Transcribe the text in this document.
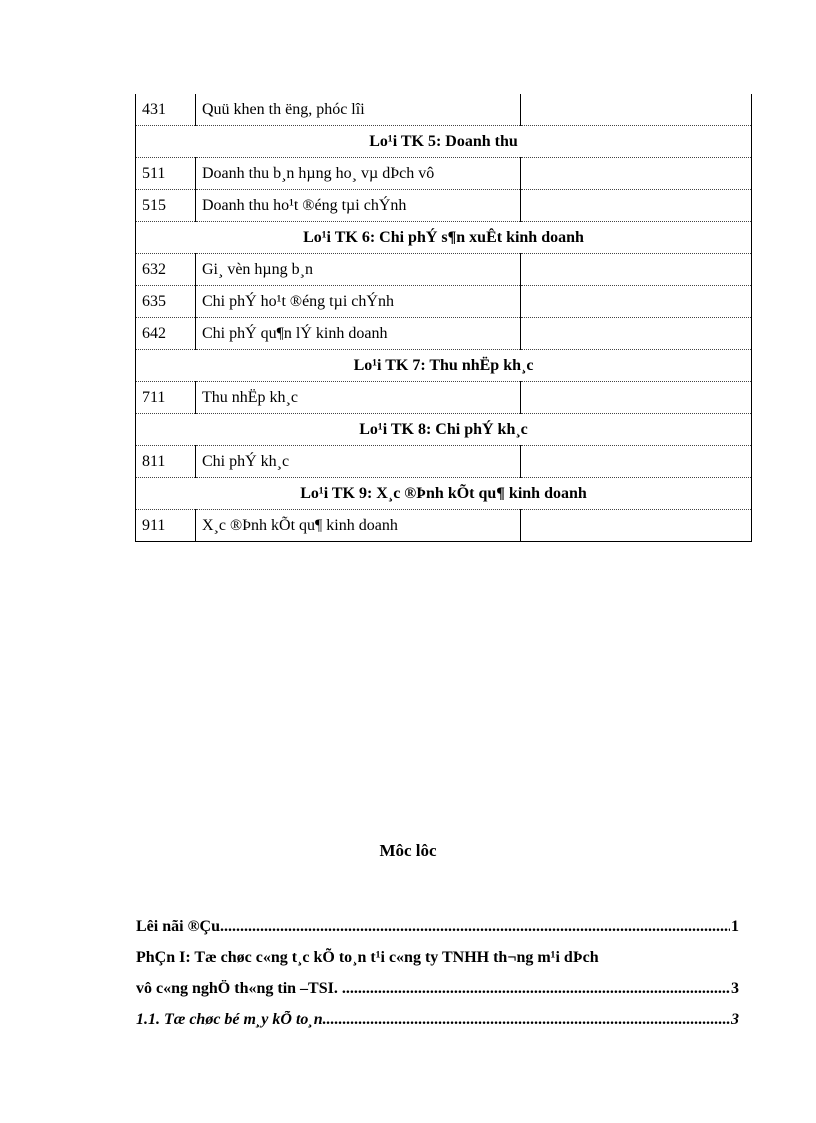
431	Quü khen th ëng, phóc lîi	
Lo¹i TK 5: Doanh thu		
511	Doanh thu b¸n hµng ho¸ vµ dÞch vô	
515	Doanh thu ho¹t ®éng tµi chÝnh	
Lo¹i TK 6: Chi phÝ s¶n xuÊt kinh doanh		
632	Gi¸ vèn hµng b¸n	
635	Chi phÝ ho¹t ®éng tµi chÝnh	
642	Chi phÝ qu¶n lÝ kinh doanh	
Lo¹i TK 7: Thu nhËp kh¸c		
711	Thu nhËp kh¸c	
Lo¹i TK 8: Chi phÝ kh¸c		
811	Chi phÝ kh¸c	
Lo¹i TK 9: X¸c ®Þnh kÕt qu¶ kinh doanh		
911	X¸c ®Þnh kÕt qu¶ kinh doanh	
Môc lôc
Lêi nãi ®Çu .....	1
PhÇn I: Tæ chøc c«ng t¸c kÕ to¸n t¹i c«ng ty TNHH th¬ng m¹i dÞch
vô c«ng nghÖ th«ng tin –TSI. .....	3
1.1. Tæ chøc bé m¸y kÕ to¸n .....	3
